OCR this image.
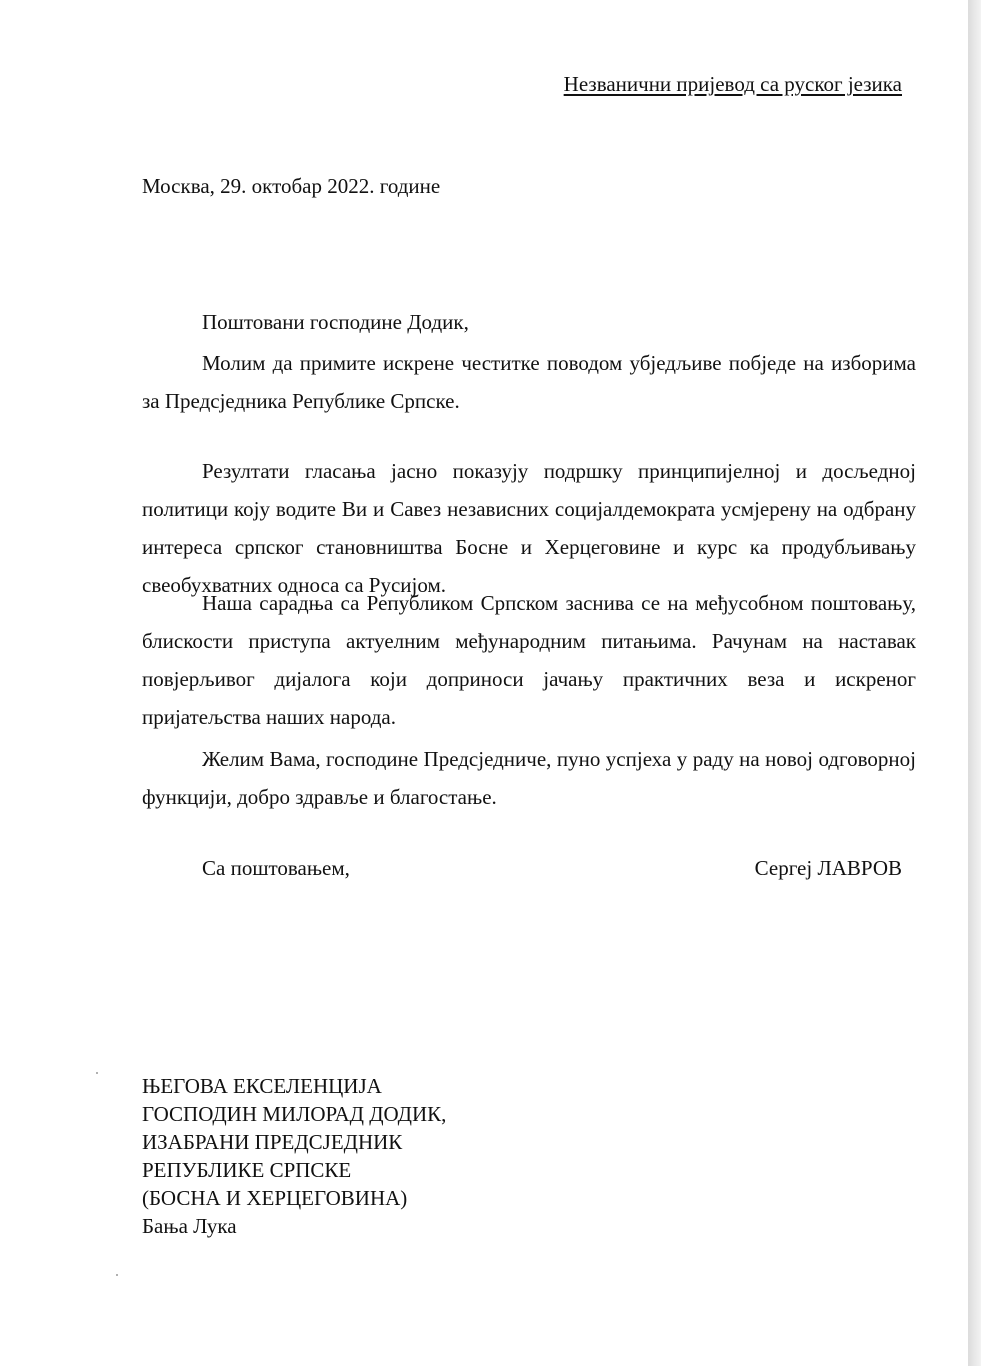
Незванични пријевод са руског језика
Москва, 29. октобар 2022. године
Поштовани господине Додик,
Молим да примите искрене честитке поводом убједљиве побједе на изборима за Предсједника Републике Српске.
Резултати гласања јасно показују подршку принципијелној и досљедној политици коју водите Ви и Савез независних социјалдемократа усмјерену на одбрану интереса српског становништва Босне и Херцеговине и курс ка продубљивању свеобухватних односа са Русијом.
Наша сарадња са Републиком Српском заснива се на међусобном поштовању, блискости приступа актуелним међународним питањима. Рачунам на наставак повјерљивог дијалога који доприноси јачању практичних веза и искреног пријатељства наших народа.
Желим Вама, господине Предсједниче, пуно успјеха у раду на новој одговорној функцији, добро здравље и благостање.
Са поштовањем,	Сергеј ЛАВРОВ
ЊЕГОВА ЕКСЕЛЕНЦИЈА
ГОСПОДИН МИЛОРАД ДОДИК,
ИЗАБРАНИ ПРЕДСЈЕДНИК
РЕПУБЛИКЕ СРПСКЕ
(БОСНА И ХЕРЦЕГОВИНА)
Бања Лука
